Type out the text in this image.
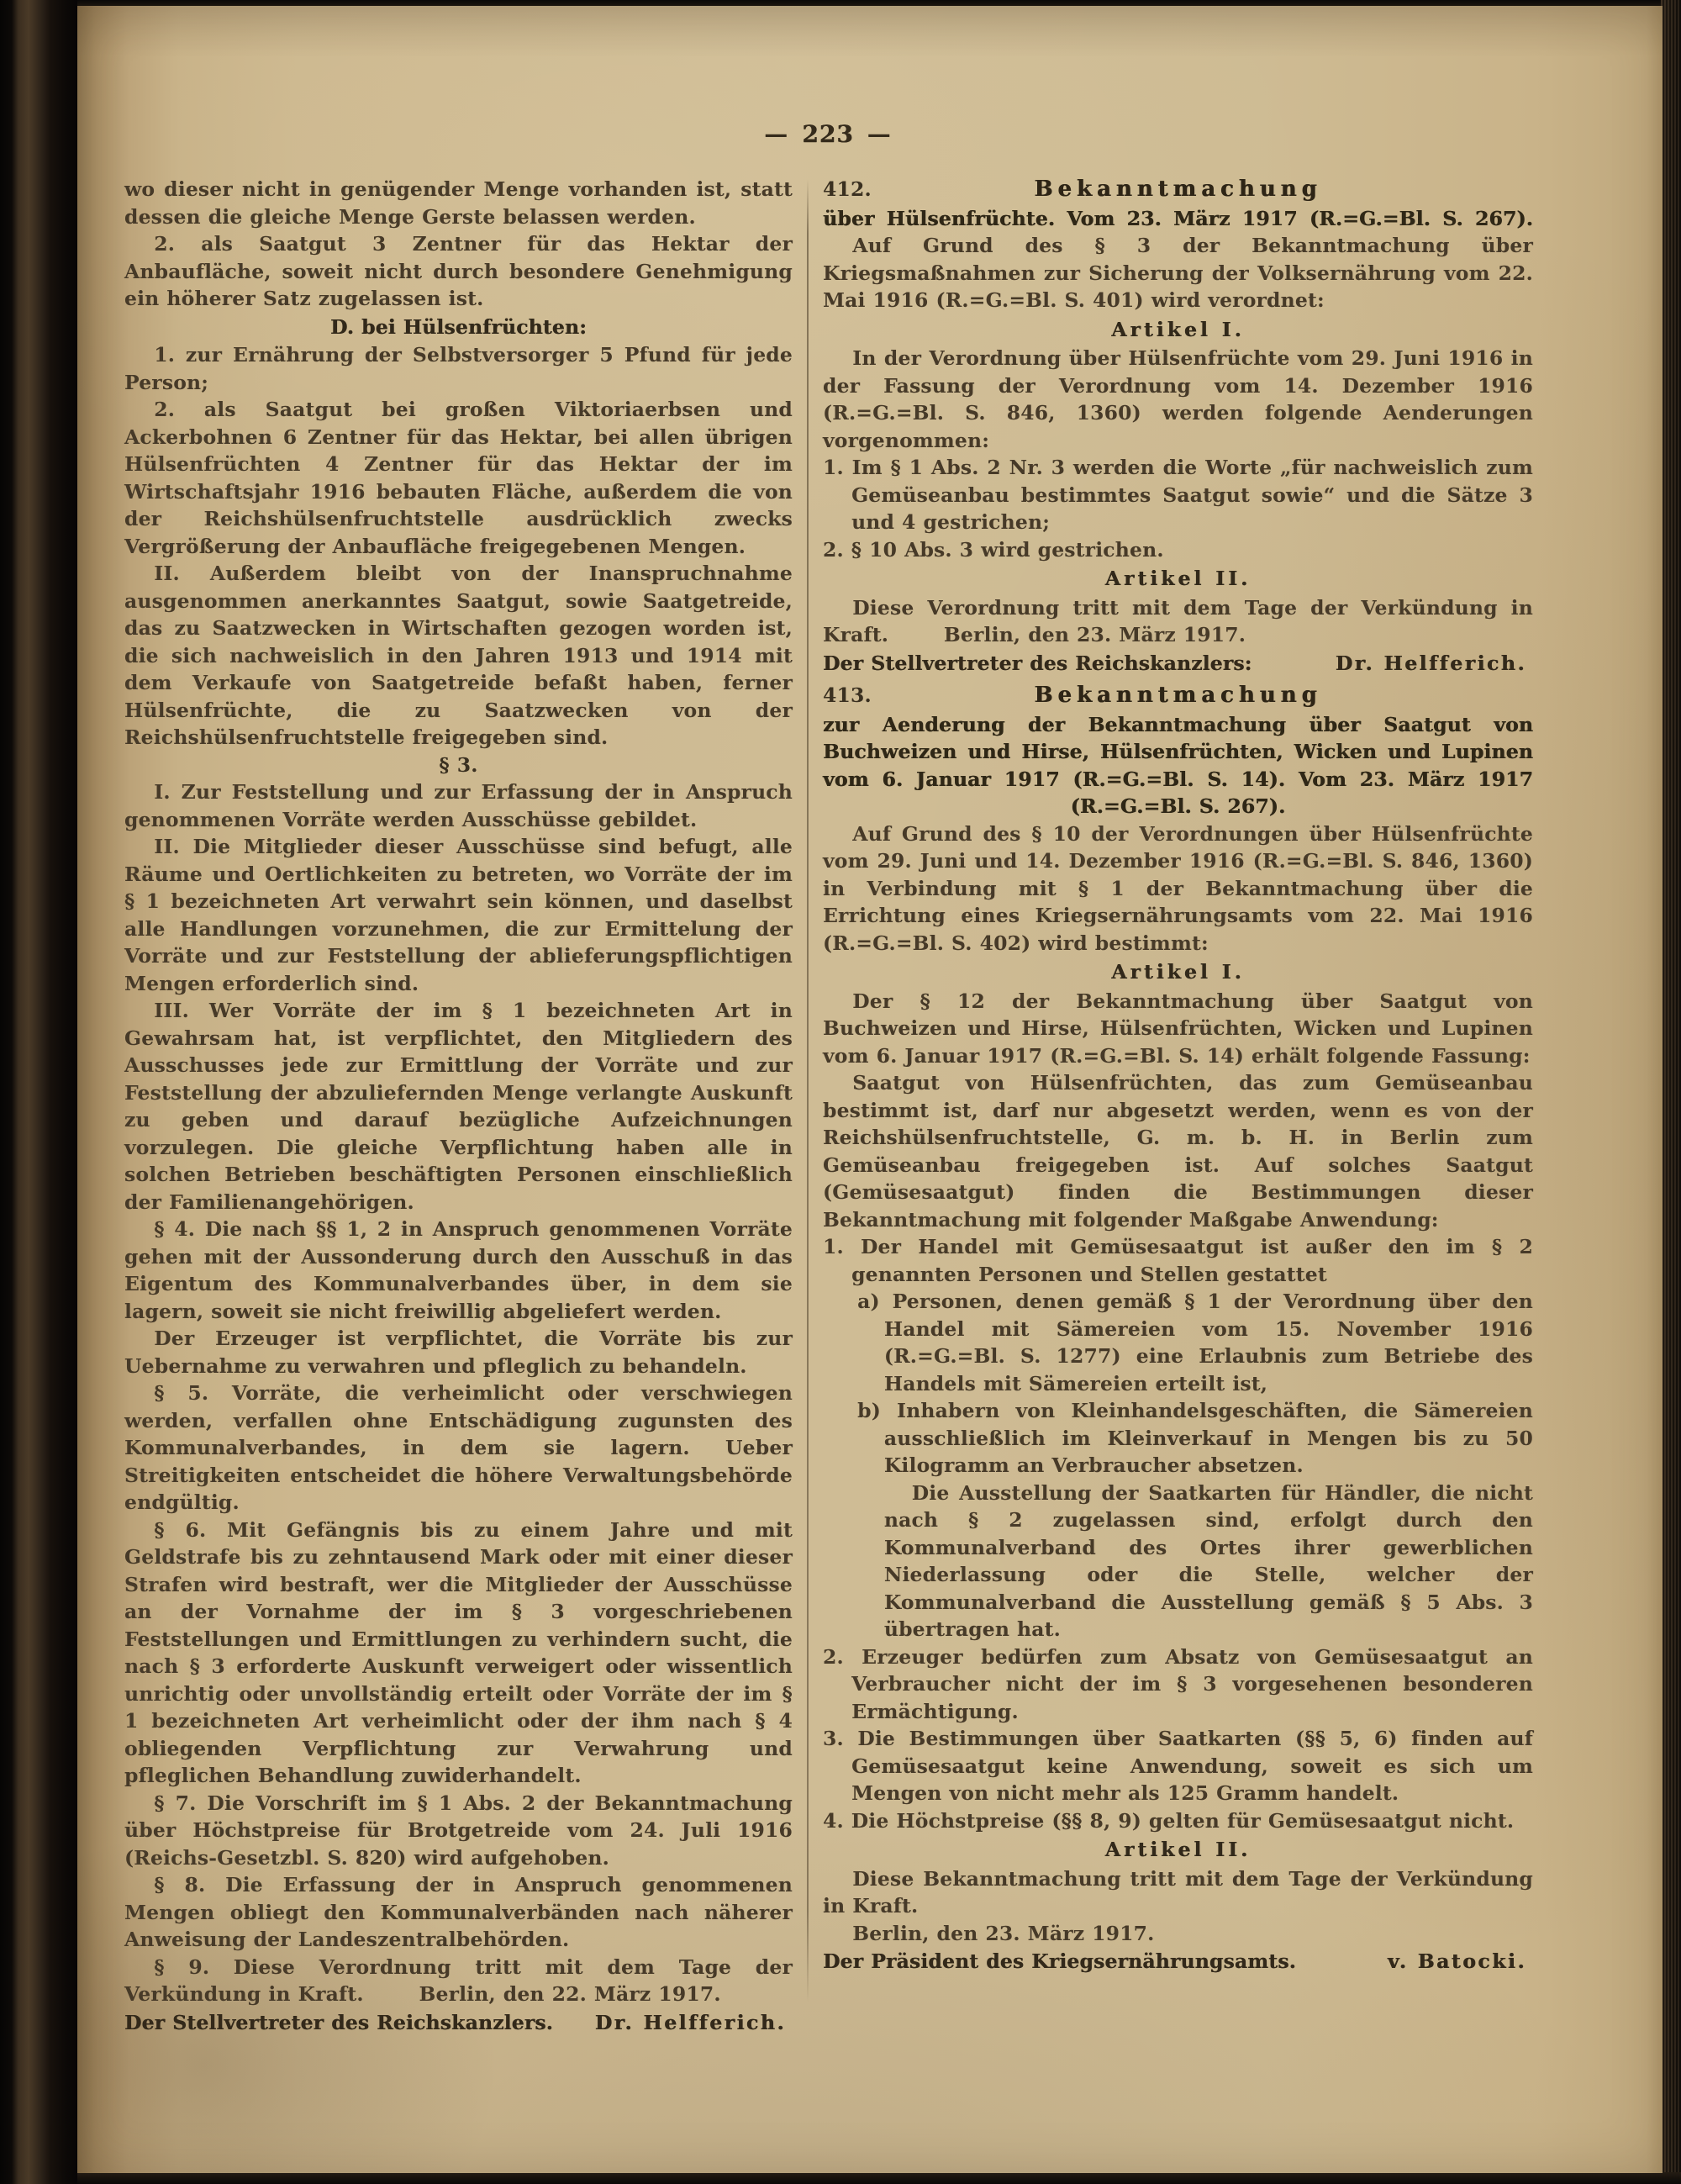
— 223 —

wo dieser nicht in genügender Menge vorhanden ist, statt dessen die gleiche Menge Gerste belassen werden.

2. als Saatgut 3 Zentner für das Hektar der Anbaufläche, soweit nicht durch besondere Genehmigung ein höherer Satz zugelassen ist.

D. bei Hülsenfrüchten:

1. zur Ernährung der Selbstversorger 5 Pfund für jede Person;

2. als Saatgut bei großen Viktoriaerbsen und Ackerbohnen 6 Zentner für das Hektar, bei allen übrigen Hülsenfrüchten 4 Zentner für das Hektar der im Wirtschaftsjahr 1916 bebauten Fläche, außerdem die von der Reichshülsenfruchtstelle ausdrücklich zwecks Vergrößerung der Anbaufläche freigegebenen Mengen.

II. Außerdem bleibt von der Inanspruchnahme ausgenommen anerkanntes Saatgut, sowie Saatgetreide, das zu Saatzwecken in Wirtschaften gezogen worden ist, die sich nachweislich in den Jahren 1913 und 1914 mit dem Verkaufe von Saatgetreide befaßt haben, ferner Hülsenfrüchte, die zu Saatzwecken von der Reichshülsenfruchtstelle freigegeben sind.

§ 3.

I. Zur Feststellung und zur Erfassung der in Anspruch genommenen Vorräte werden Ausschüsse gebildet.

II. Die Mitglieder dieser Ausschüsse sind befugt, alle Räume und Oertlichkeiten zu betreten, wo Vorräte der im § 1 bezeichneten Art verwahrt sein können, und daselbst alle Handlungen vorzunehmen, die zur Ermittelung der Vorräte und zur Feststellung der ablieferungspflichtigen Mengen erforderlich sind.

III. Wer Vorräte der im § 1 bezeichneten Art in Gewahrsam hat, ist verpflichtet, den Mitgliedern des Ausschusses jede zur Ermittlung der Vorräte und zur Feststellung der abzuliefernden Menge verlangte Auskunft zu geben und darauf bezügliche Aufzeichnungen vorzulegen. Die gleiche Verpflichtung haben alle in solchen Betrieben beschäftigten Personen einschließlich der Familienangehörigen.

§ 4. Die nach §§ 1, 2 in Anspruch genommenen Vorräte gehen mit der Aussonderung durch den Ausschuß in das Eigentum des Kommunalverbandes über, in dem sie lagern, soweit sie nicht freiwillig abgeliefert werden.

Der Erzeuger ist verpflichtet, die Vorräte bis zur Uebernahme zu verwahren und pfleglich zu behandeln.

§ 5. Vorräte, die verheimlicht oder verschwiegen werden, verfallen ohne Entschädigung zugunsten des Kommunalverbandes, in dem sie lagern. Ueber Streitigkeiten entscheidet die höhere Verwaltungsbehörde endgültig.

§ 6. Mit Gefängnis bis zu einem Jahre und mit Geldstrafe bis zu zehntausend Mark oder mit einer dieser Strafen wird bestraft, wer die Mitglieder der Ausschüsse an der Vornahme der im § 3 vorgeschriebenen Feststellungen und Ermittlungen zu verhindern sucht, die nach § 3 erforderte Auskunft verweigert oder wissentlich unrichtig oder unvollständig erteilt oder Vorräte der im § 1 bezeichneten Art verheimlicht oder der ihm nach § 4 obliegenden Verpflichtung zur Verwahrung und pfleglichen Behandlung zuwiderhandelt.

§ 7. Die Vorschrift im § 1 Abs. 2 der Bekanntmachung über Höchstpreise für Brotgetreide vom 24. Juli 1916 (Reichs-Gesetzbl. S. 820) wird aufgehoben.

§ 8. Die Erfassung der in Anspruch genommenen Mengen obliegt den Kommunalverbänden nach näherer Anweisung der Landeszentralbehörden.

§ 9. Diese Verordnung tritt mit dem Tage der Verkündung in Kraft.	Berlin, den 22. März 1917.

Der Stellvertreter des Reichskanzlers. Dr. Helfferich.
412.	Bekanntmachung

über Hülsenfrüchte. Vom 23. März 1917 (R.=G.=Bl. S. 267).

Auf Grund des § 3 der Bekanntmachung über Kriegsmaßnahmen zur Sicherung der Volksernährung vom 22. Mai 1916 (R.=G.=Bl. S. 401) wird verordnet:

Artikel I.

In der Verordnung über Hülsenfrüchte vom 29. Juni 1916 in der Fassung der Verordnung vom 14. Dezember 1916 (R.=G.=Bl. S. 846, 1360) werden folgende Aenderungen vorgenommen:

1. Im § 1 Abs. 2 Nr. 3 werden die Worte „für nachweislich zum Gemüseanbau bestimmtes Saatgut sowie“ und die Sätze 3 und 4 gestrichen;

2. § 10 Abs. 3 wird gestrichen.

Artikel II.

Diese Verordnung tritt mit dem Tage der Verkündung in Kraft.	Berlin, den 23. März 1917.

Der Stellvertreter des Reichskanzlers:	Dr. Helfferich.
413.	Bekanntmachung

zur Aenderung der Bekanntmachung über Saatgut von Buchweizen und Hirse, Hülsenfrüchten, Wicken und Lupinen vom 6. Januar 1917 (R.=G.=Bl. S. 14). Vom 23. März 1917 (R.=G.=Bl. S. 267).

Auf Grund des § 10 der Verordnungen über Hülsenfrüchte vom 29. Juni und 14. Dezember 1916 (R.=G.=Bl. S. 846, 1360) in Verbindung mit § 1 der Bekanntmachung über die Errichtung eines Kriegsernährungsamts vom 22. Mai 1916 (R.=G.=Bl. S. 402) wird bestimmt:

Artikel I.

Der § 12 der Bekanntmachung über Saatgut von Buchweizen und Hirse, Hülsenfrüchten, Wicken und Lupinen vom 6. Januar 1917 (R.=G.=Bl. S. 14) erhält folgende Fassung:

Saatgut von Hülsenfrüchten, das zum Gemüseanbau bestimmt ist, darf nur abgesetzt werden, wenn es von der Reichshülsenfruchtstelle, G. m. b. H. in Berlin zum Gemüseanbau freigegeben ist. Auf solches Saatgut (Gemüsesaatgut) finden die Bestimmungen dieser Bekanntmachung mit folgender Maßgabe Anwendung:

1. Der Handel mit Gemüsesaatgut ist außer den im § 2 genannten Personen und Stellen gestattet

a) Personen, denen gemäß § 1 der Verordnung über den Handel mit Sämereien vom 15. November 1916 (R.=G.=Bl. S. 1277) eine Erlaubnis zum Betriebe des Handels mit Sämereien erteilt ist,

b) Inhabern von Kleinhandelsgeschäften, die Sämereien ausschließlich im Kleinverkauf in Mengen bis zu 50 Kilogramm an Verbraucher absetzen.

Die Ausstellung der Saatkarten für Händler, die nicht nach § 2 zugelassen sind, erfolgt durch den Kommunalverband des Ortes ihrer gewerblichen Niederlassung oder die Stelle, welcher der Kommunalverband die Ausstellung gemäß § 5 Abs. 3 übertragen hat.

2. Erzeuger bedürfen zum Absatz von Gemüsesaatgut an Verbraucher nicht der im § 3 vorgesehenen besonderen Ermächtigung.

3. Die Bestimmungen über Saatkarten (§§ 5, 6) finden auf Gemüsesaatgut keine Anwendung, soweit es sich um Mengen von nicht mehr als 125 Gramm handelt.

4. Die Höchstpreise (§§ 8, 9) gelten für Gemüsesaatgut nicht.

Artikel II.

Diese Bekanntmachung tritt mit dem Tage der Verkündung in Kraft.

Berlin, den 23. März 1917.

Der Präsident des Kriegsernährungsamts.	v. Batocki.
